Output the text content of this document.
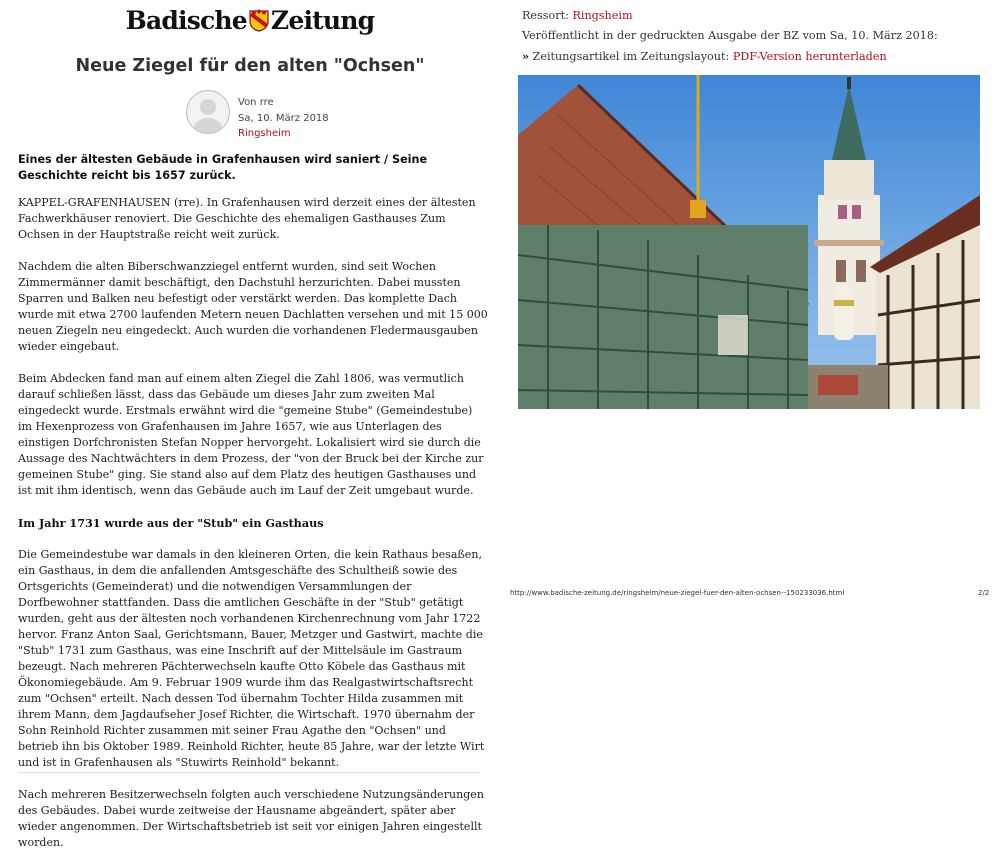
Badische Zeitung
Neue Ziegel für den alten "Ochsen"
Von rre
Sa, 10. März 2018
Ringsheim
Eines der ältesten Gebäude in Grafenhausen wird saniert / Seine Geschichte reicht bis 1657 zurück.

KAPPEL-GRAFENHAUSEN (rre). In Grafenhausen wird derzeit eines der ältesten Fachwerkhäuser renoviert. Die Geschichte des ehemaligen Gasthauses Zum Ochsen in der Hauptstraße reicht weit zurück.

Nachdem die alten Biberschwanzziegel entfernt wurden, sind seit Wochen Zimmermänner damit beschäftigt, den Dachstuhl herzurichten. Dabei mussten Sparren und Balken neu befestigt oder verstärkt werden. Das komplette Dach wurde mit etwa 2700 laufenden Metern neuen Dachlatten versehen und mit 15 000 neuen Ziegeln neu eingedeckt. Auch wurden die vorhandenen Fledermausgauben wieder eingebaut.

Beim Abdecken fand man auf einem alten Ziegel die Zahl 1806, was vermutlich darauf schließen lässt, dass das Gebäude um dieses Jahr zum zweiten Mal eingedeckt wurde. Erstmals erwähnt wird die "gemeine Stube" (Gemeindestube) im Hexenprozess von Grafenhausen im Jahre 1657, wie aus Unterlagen des einstigen Dorfchronisten Stefan Nopper hervorgeht. Lokalisiert wird sie durch die Aussage des Nachtwächters in dem Prozess, der "von der Bruck bei der Kirche zur gemeinen Stube" ging. Sie stand also auf dem Platz des heutigen Gasthauses und ist mit ihm identisch, wenn das Gebäude auch im Lauf der Zeit umgebaut wurde.

Im Jahr 1731 wurde aus der "Stub" ein Gasthaus

Die Gemeindestube war damals in den kleineren Orten, die kein Rathaus besaßen, ein Gasthaus, in dem die anfallenden Amtsgeschäfte des Schultheiß sowie des Ortsgerichts (Gemeinderat) und die notwendigen Versammlungen der Dorfbewohner stattfanden. Dass die amtlichen Geschäfte in der "Stub" getätigt wurden, geht aus der ältesten noch vorhandenen Kirchenrechnung vom Jahr 1722 hervor. Franz Anton Saal, Gerichtsmann, Bauer, Metzger und Gastwirt, machte die "Stub" 1731 zum Gasthaus, was eine Inschrift auf der Mittelsäule im Gastraum bezeugt. Nach mehreren Pächterwechseln kaufte Otto Köbele das Gasthaus mit Ökonomiegebäude. Am 9. Februar 1909 wurde ihm das Realgastwirtschaftsrecht zum "Ochsen" erteilt. Nach dessen Tod übernahm Tochter Hilda zusammen mit ihrem Mann, dem Jagdaufseher Josef Richter, die Wirtschaft. 1970 übernahm der Sohn Reinhold Richter zusammen mit seiner Frau Agathe den "Ochsen" und betrieb ihn bis Oktober 1989. Reinhold Richter, heute 85 Jahre, war der letzte Wirt und ist in Grafenhausen als "Stuwirts Reinhold" bekannt.

Nach mehreren Besitzerwechseln folgten auch verschiedene Nutzungsänderungen des Gebäudes. Dabei wurde zeitweise der Hausname abgeändert, später aber wieder angenommen. Der Wirtschaftsbetrieb ist seit vor einigen Jahren eingestellt worden.

Ressort: Ringsheim
Veröffentlicht in der gedruckten Ausgabe der BZ vom Sa, 10. März 2018:
» Zeitungsartikel im Zeitungslayout: PDF-Version herunterladen
http://www.badische-zeitung.de/ringsheim/neue-ziegel-fuer-den-alten-ochsen--150233036.html	2/2
